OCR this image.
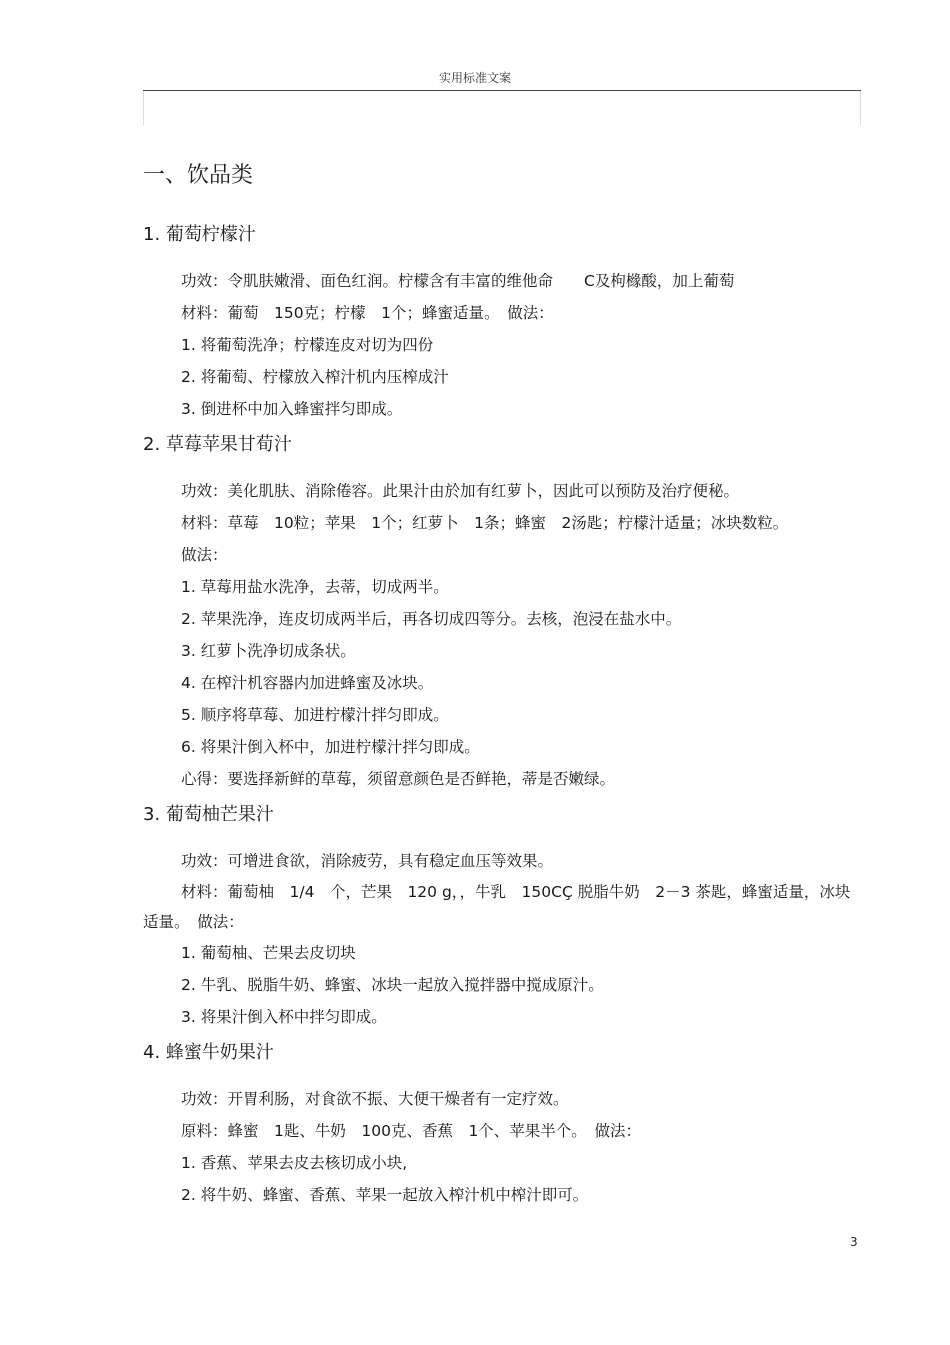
实用标准文案
一、饮品类
1. 葡萄柠檬汁
功效：令肌肤嫩滑、面色红润。柠檬含有丰富的维他命　　C及枸橼酸，加上葡萄
材料：葡萄　150克；柠檬　1个；蜂蜜适量。　做法：
1. 将葡萄洗净；柠檬连皮对切为四份
2. 将葡萄、柠檬放入榨汁机内压榨成汁
3. 倒进杯中加入蜂蜜拌匀即成。
2. 草莓苹果甘荀汁
功效：美化肌肤、消除倦容。此果汁由於加有红萝卜，因此可以预防及治疗便秘。
材料：草莓　10粒；苹果　1个；红萝卜　1条；蜂蜜　2汤匙；柠檬汁适量；冰块数粒。
做法：
1. 草莓用盐水洗净，去蒂，切成两半。
2. 苹果洗净，连皮切成两半后，再各切成四等分。去核，泡浸在盐水中。
3. 红萝卜洗净切成条状。
4. 在榨汁机容器内加进蜂蜜及冰块。
5. 顺序将草莓、加进柠檬汁拌匀即成。
6. 将果汁倒入杯中，加进柠檬汁拌匀即成。
心得：要选择新鲜的草莓，须留意颜色是否鲜艳，蒂是否嫩绿。
3. 葡萄柚芒果汁
功效：可增进食欲，消除疲劳，具有稳定血压等效果。
材料：葡萄柚　1/4　个，芒果　120 g，，牛乳　150CÇ 脱脂牛奶　2－3 茶匙，蜂蜜适量，冰块适量。　做法：
1. 葡萄柚、芒果去皮切块
2. 牛乳、脱脂牛奶、蜂蜜、冰块一起放入搅拌器中搅成原汁。
3. 将果汁倒入杯中拌匀即成。
4. 蜂蜜牛奶果汁
功效：开胃利肠，对食欲不振、大便干燥者有一定疗效。
原料：蜂蜜　1匙、牛奶　100克、香蕉　1个、苹果半个。　做法：
1. 香蕉、苹果去皮去核切成小块,
2. 将牛奶、蜂蜜、香蕉、苹果一起放入榨汁机中榨汁即可。
3
